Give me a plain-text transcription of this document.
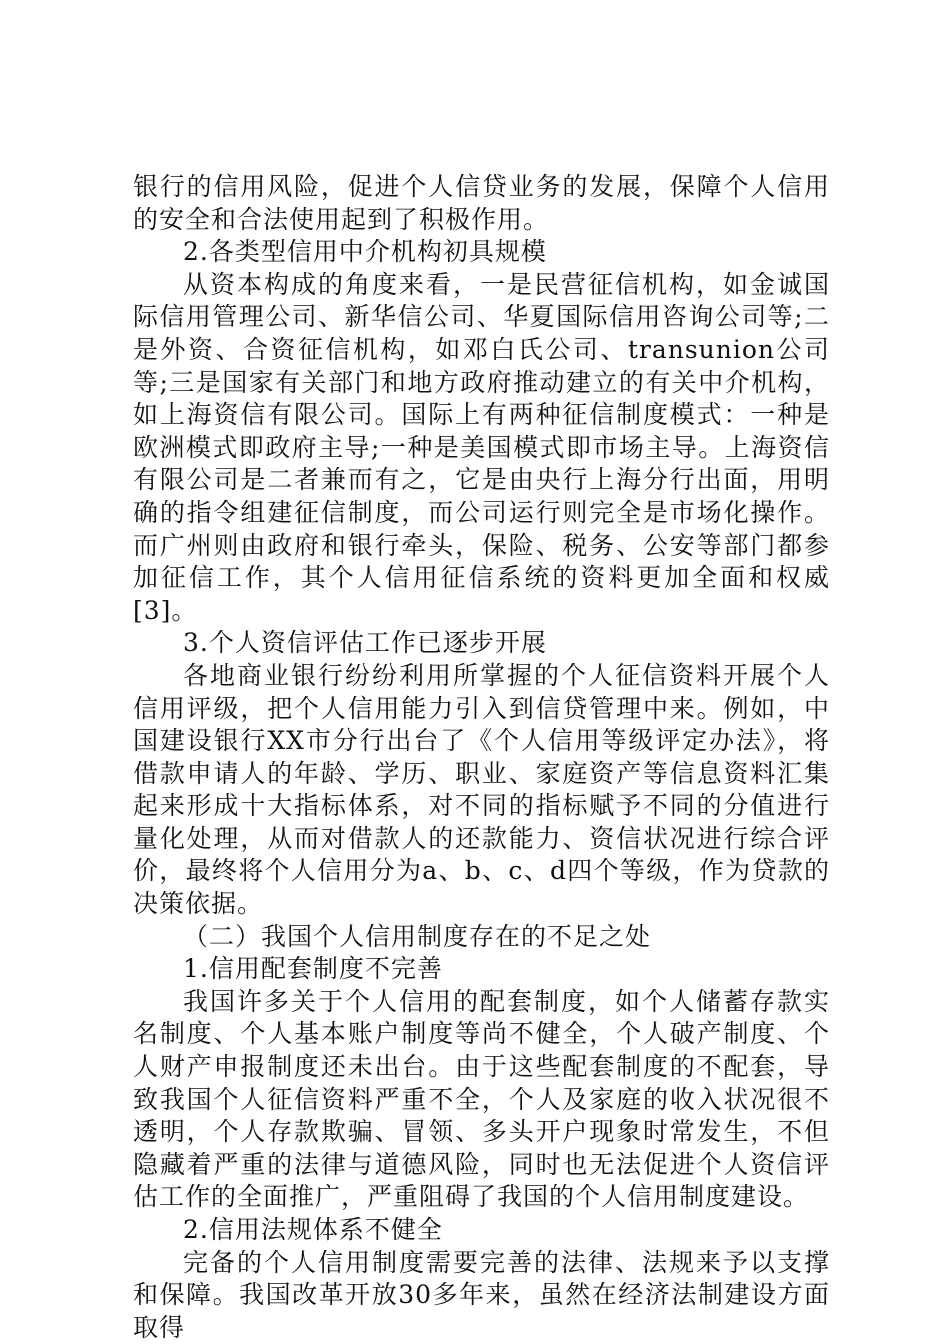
银行的信用风险，促进个人信贷业务的发展，保障个人信用的安全和合法使用起到了积极作用。

2.各类型信用中介机构初具规模

从资本构成的角度来看，一是民营征信机构，如金诚国际信用管理公司、新华信公司、华夏国际信用咨询公司等;二是外资、合资征信机构，如邓白氏公司、transunion公司等;三是国家有关部门和地方政府推动建立的有关中介机构，如上海资信有限公司。国际上有两种征信制度模式：一种是欧洲模式即政府主导;一种是美国模式即市场主导。上海资信有限公司是二者兼而有之，它是由央行上海分行出面，用明确的指令组建征信制度，而公司运行则完全是市场化操作。而广州则由政府和银行牵头，保险、税务、公安等部门都参加征信工作，其个人信用征信系统的资料更加全面和权威[3]。

3.个人资信评估工作已逐步开展

各地商业银行纷纷利用所掌握的个人征信资料开展个人信用评级，把个人信用能力引入到信贷管理中来。例如，中国建设银行XX市分行出台了《个人信用等级评定办法》，将借款申请人的年龄、学历、职业、家庭资产等信息资料汇集起来形成十大指标体系，对不同的指标赋予不同的分值进行量化处理，从而对借款人的还款能力、资信状况进行综合评价，最终将个人信用分为a、b、c、d四个等级，作为贷款的决策依据。

（二）我国个人信用制度存在的不足之处

1.信用配套制度不完善

我国许多关于个人信用的配套制度，如个人储蓄存款实名制度、个人基本账户制度等尚不健全，个人破产制度、个人财产申报制度还未出台。由于这些配套制度的不配套，导致我国个人征信资料严重不全，个人及家庭的收入状况很不透明，个人存款欺骗、冒领、多头开户现象时常发生，不但隐藏着严重的法律与道德风险，同时也无法促进个人资信评估工作的全面推广，严重阻碍了我国的个人信用制度建设。

2.信用法规体系不健全

完备的个人信用制度需要完善的法律、法规来予以支撑和保障。我国改革开放30多年来，虽然在经济法制建设方面取得
